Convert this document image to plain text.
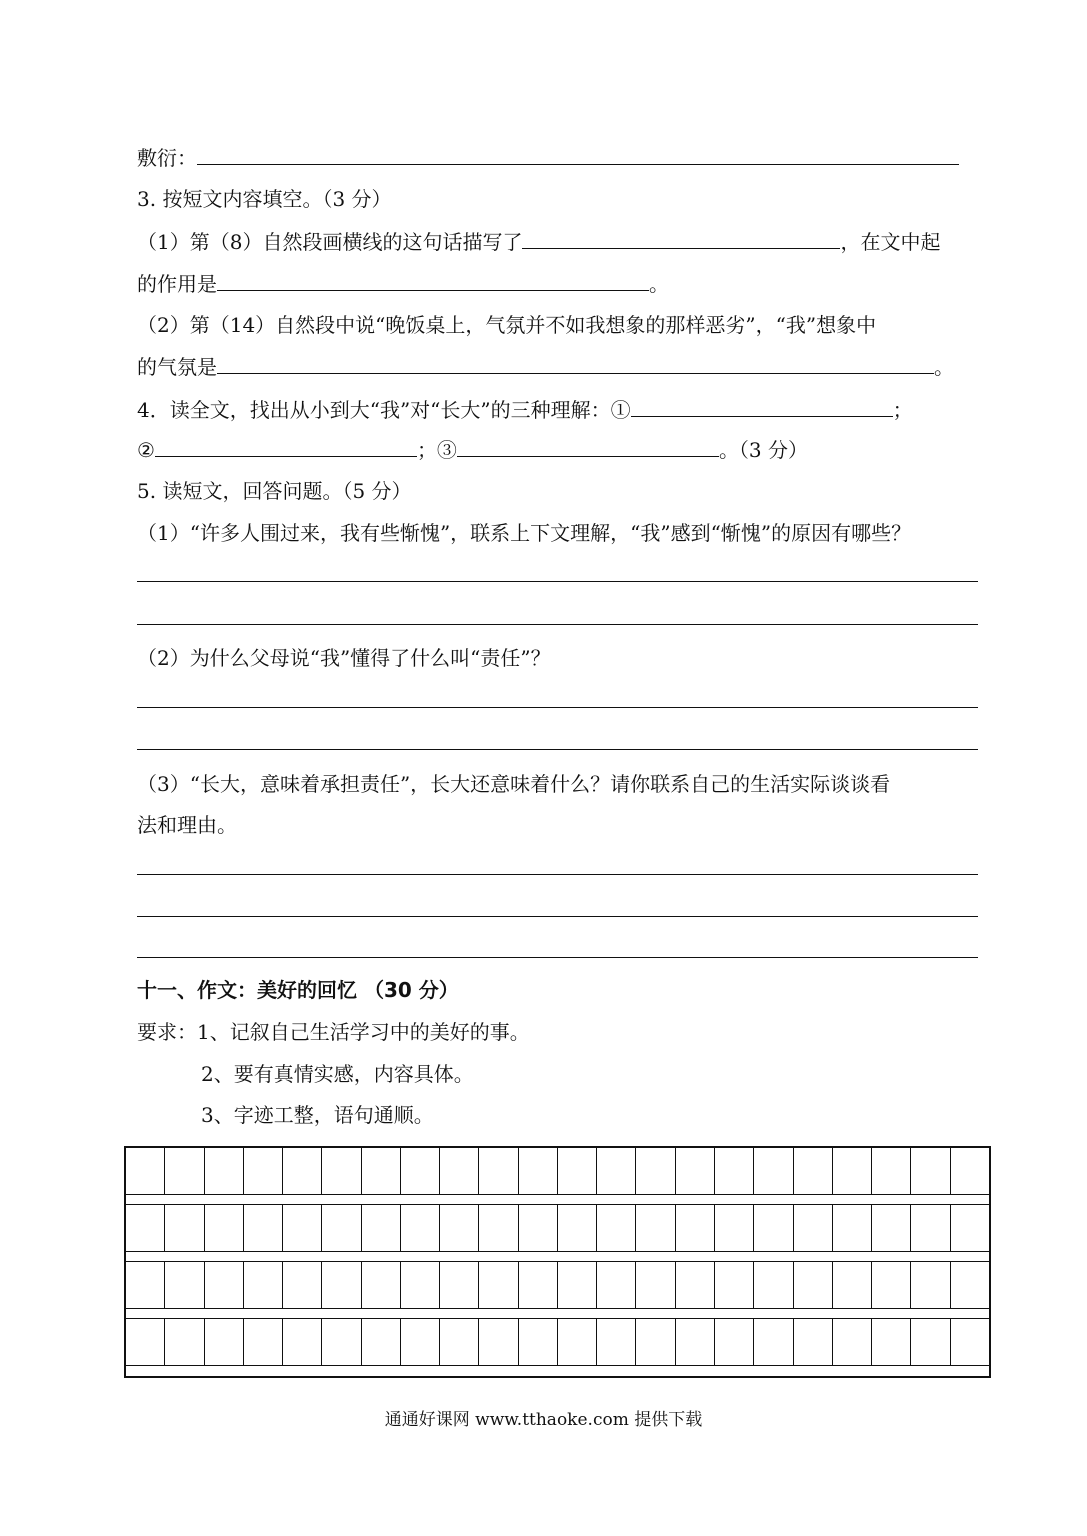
敷衍：
3. 按短文内容填空。（3 分）
（1）第（8）自然段画横线的这句话描写了	，在文中起
的作用是	。
（2）第（14）自然段中说“晚饭桌上，气氛并不如我想象的那样恶劣”，“我”想象中
的气氛是	。
4．读全文，找出从小到大“我”对“长大”的三种理解：①	；
②	；③	。（3 分）
5. 读短文，回答问题。（5 分）
（1）“许多人围过来，我有些惭愧”，联系上下文理解，“我”感到“惭愧”的原因有哪些？
（2）为什么父母说“我”懂得了什么叫“责任”？
（3）“长大，意味着承担责任”，长大还意味着什么？请你联系自己的生活实际谈谈看
法和理由。
十一、作文：美好的回忆 （30 分）
要求：1、记叙自己生活学习中的美好的事。
2、要有真情实感，内容具体。
3、字迹工整，语句通顺。
通通好课网 www.tthaoke.com 提供下载
